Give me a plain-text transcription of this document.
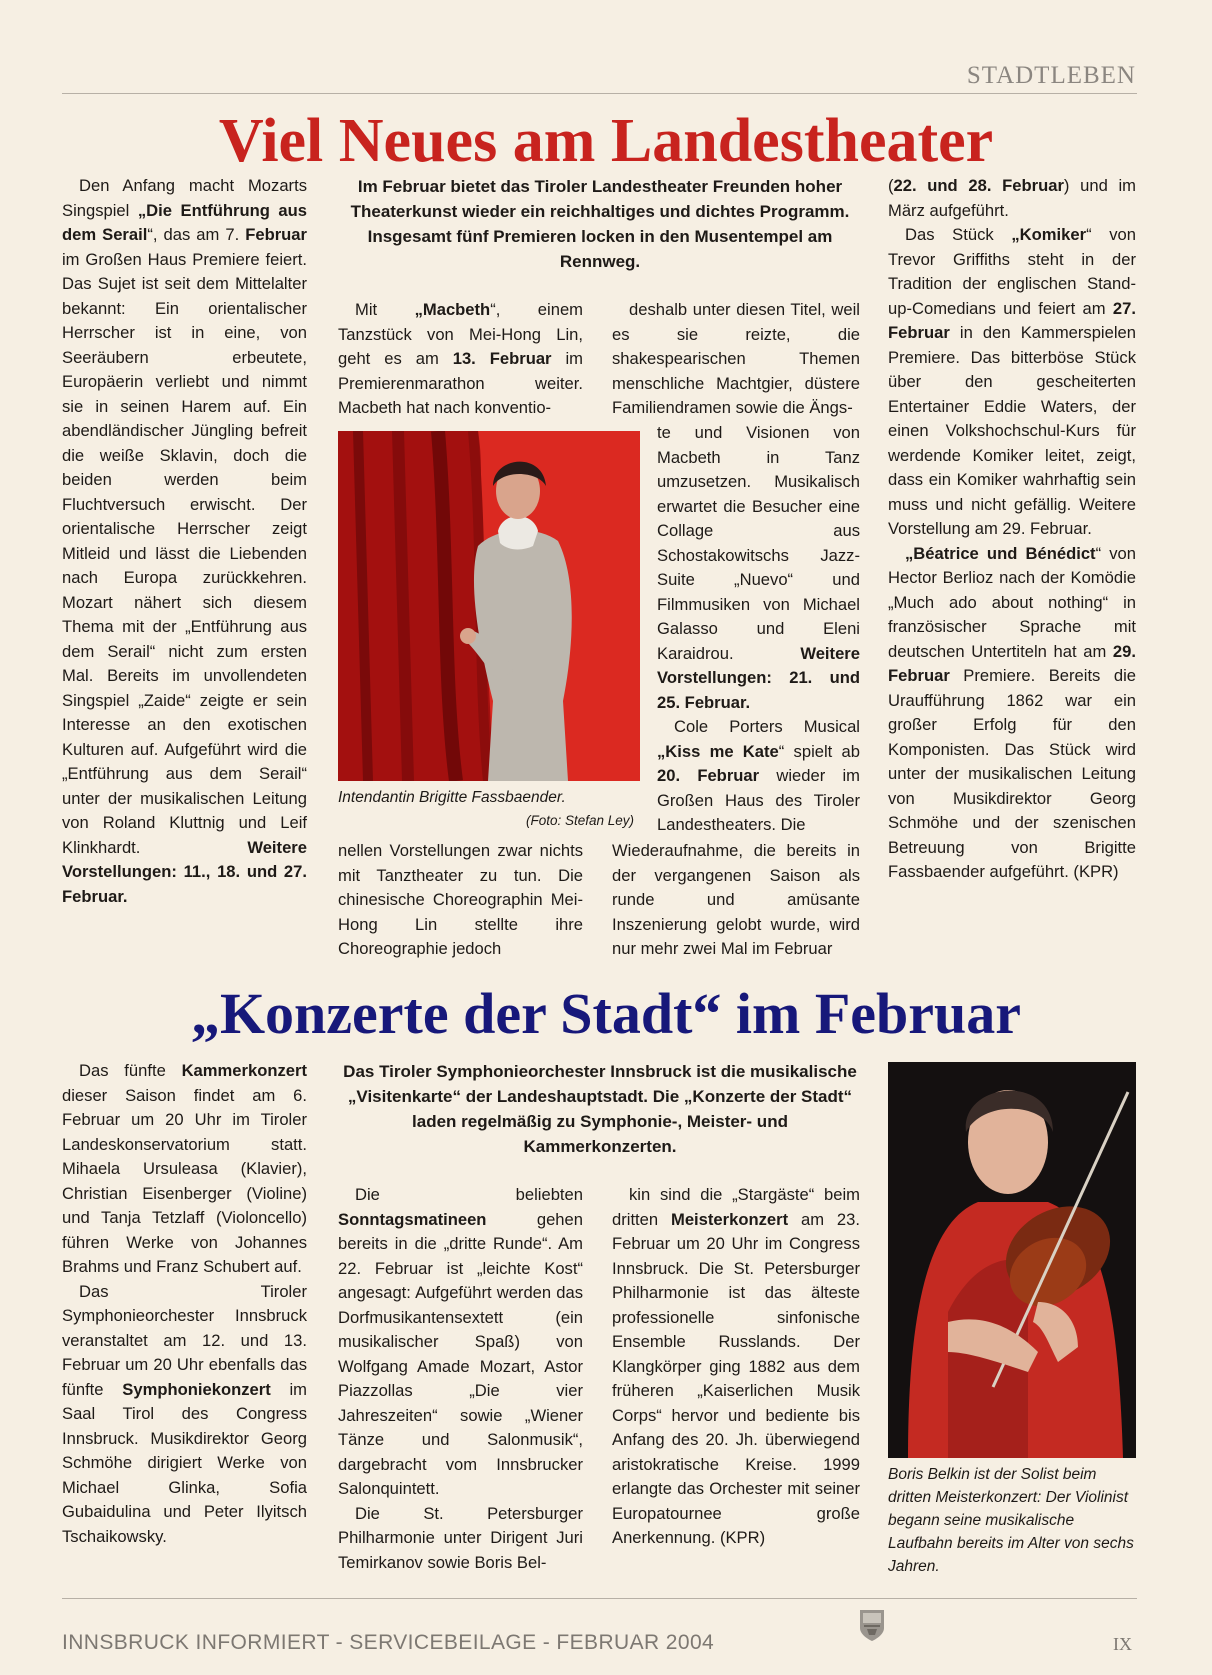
STADTLEBEN
Viel Neues am Landestheater

Den Anfang macht Mozarts Singspiel „Die Entführung aus dem Serail“, das am 7. Februar im Großen Haus Premiere feiert. Das Sujet ist seit dem Mittelalter bekannt: Ein orientalischer Herrscher ist in eine, von Seeräubern erbeutete, Europäerin verliebt und nimmt sie in seinen Harem auf. Ein abendländischer Jüngling befreit die weiße Sklavin, doch die beiden werden beim Fluchtversuch erwischt. Der orientalische Herrscher zeigt Mitleid und lässt die Liebenden nach Europa zurückkehren. Mozart nähert sich diesem Thema mit der „Entführung aus dem Serail“ nicht zum ersten Mal. Bereits im unvollendeten Singspiel „Zaide“ zeigte er sein Interesse an den exotischen Kulturen auf. Aufgeführt wird die „Entführung aus dem Serail“ unter der musikalischen Leitung von Roland Kluttnig und Leif Klinkhardt. Weitere Vorstellungen: 11., 18. und 27. Februar.

Im Februar bietet das Tiroler Landestheater Freunden hoher Theaterkunst wieder ein reichhaltiges und dichtes Programm. Insgesamt fünf Premieren locken in den Musentempel am Rennweg.

Mit „Macbeth“, einem Tanzstück von Mei-Hong Lin, geht es am 13. Februar im Premierenmarathon weiter. Macbeth hat nach konventio-

Intendantin Brigitte Fassbaender.
(Foto: Stefan Ley)

nellen Vorstellungen zwar nichts mit Tanztheater zu tun. Die chinesische Choreographin Mei-Hong Lin stellte ihre Choreographie jedoch

deshalb unter diesen Titel, weil es sie reizte, die shakespearischen Themen menschliche Machtgier, düstere Familiendramen sowie die Ängs-

te und Visionen von Macbeth in Tanz umzusetzen. Musikalisch erwartet die Besucher eine Collage aus Schostakowitschs Jazz-Suite „Nuevo“ und Filmmusiken von Michael Galasso und Eleni Karaidrou. Weitere Vorstellungen: 21. und 25. Februar.

Cole Porters Musical „Kiss me Kate“ spielt ab 20. Februar wieder im Großen Haus des Tiroler Landestheaters. Die

Wiederaufnahme, die bereits in der vergangenen Saison als runde und amüsante Inszenierung gelobt wurde, wird nur mehr zwei Mal im Februar

(22. und 28. Februar) und im März aufgeführt.

Das Stück „Komiker“ von Trevor Griffiths steht in der Tradition der englischen Stand-up-Comedians und feiert am 27. Februar in den Kammerspielen Premiere. Das bitterböse Stück über den gescheiterten Entertainer Eddie Waters, der einen Volkshochschul-Kurs für werdende Komiker leitet, zeigt, dass ein Komiker wahrhaftig sein muss und nicht gefällig. Weitere Vorstellung am 29. Februar.

„Béatrice und Bénédict“ von Hector Berlioz nach der Komödie „Much ado about nothing“ in französischer Sprache mit deutschen Untertiteln hat am 29. Februar Premiere. Bereits die Uraufführung 1862 war ein großer Erfolg für den Komponisten. Das Stück wird unter der musikalischen Leitung von Musikdirektor Georg Schmöhe und der szenischen Betreuung von Brigitte Fassbaender aufgeführt. (KPR)

„Konzerte der Stadt“ im Februar

Das fünfte Kammerkonzert dieser Saison findet am 6. Februar um 20 Uhr im Tiroler Landeskonservatorium statt. Mihaela Ursuleasa (Klavier), Christian Eisenberger (Violine) und Tanja Tetzlaff (Violoncello) führen Werke von Johannes Brahms und Franz Schubert auf.

Das Tiroler Symphonieorchester Innsbruck veranstaltet am 12. und 13. Februar um 20 Uhr ebenfalls das fünfte Symphoniekonzert im Saal Tirol des Congress Innsbruck. Musikdirektor Georg Schmöhe dirigiert Werke von Michael Glinka, Sofia Gubaidulina und Peter Ilyitsch Tschaikowsky.

Das Tiroler Symphonieorchester Innsbruck ist die musikalische „Visitenkarte“ der Landeshauptstadt. Die „Konzerte der Stadt“ laden regelmäßig zu Symphonie-, Meister- und Kammerkonzerten.

Die beliebten Sonntagsmatineen gehen bereits in die „dritte Runde“. Am 22. Februar ist „leichte Kost“ angesagt: Aufgeführt werden das Dorfmusikantensextett (ein musikalischer Spaß) von Wolfgang Amade Mozart, Astor Piazzollas „Die vier Jahreszeiten“ sowie „Wiener Tänze und Salonmusik“, dargebracht vom Innsbrucker Salonquintett.

Die St. Petersburger Philharmonie unter Dirigent Juri Temirkanov sowie Boris Bel-

kin sind die „Stargäste“ beim dritten Meisterkonzert am 23. Februar um 20 Uhr im Congress Innsbruck. Die St. Petersburger Philharmonie ist das älteste professionelle sinfonische Ensemble Russlands. Der Klangkörper ging 1882 aus dem früheren „Kaiserlichen Musik Corps“ hervor und bediente bis Anfang des 20. Jh. überwiegend aristokratische Kreise. 1999 erlangte das Orchester mit seiner Europatournee große Anerkennung. (KPR)

Boris Belkin ist der Solist beim dritten Meisterkonzert: Der Violinist begann seine musikalische Laufbahn bereits im Alter von sechs Jahren.
INNSBRUCK INFORMIERT - SERVICEBEILAGE - FEBRUAR 2004	IX
